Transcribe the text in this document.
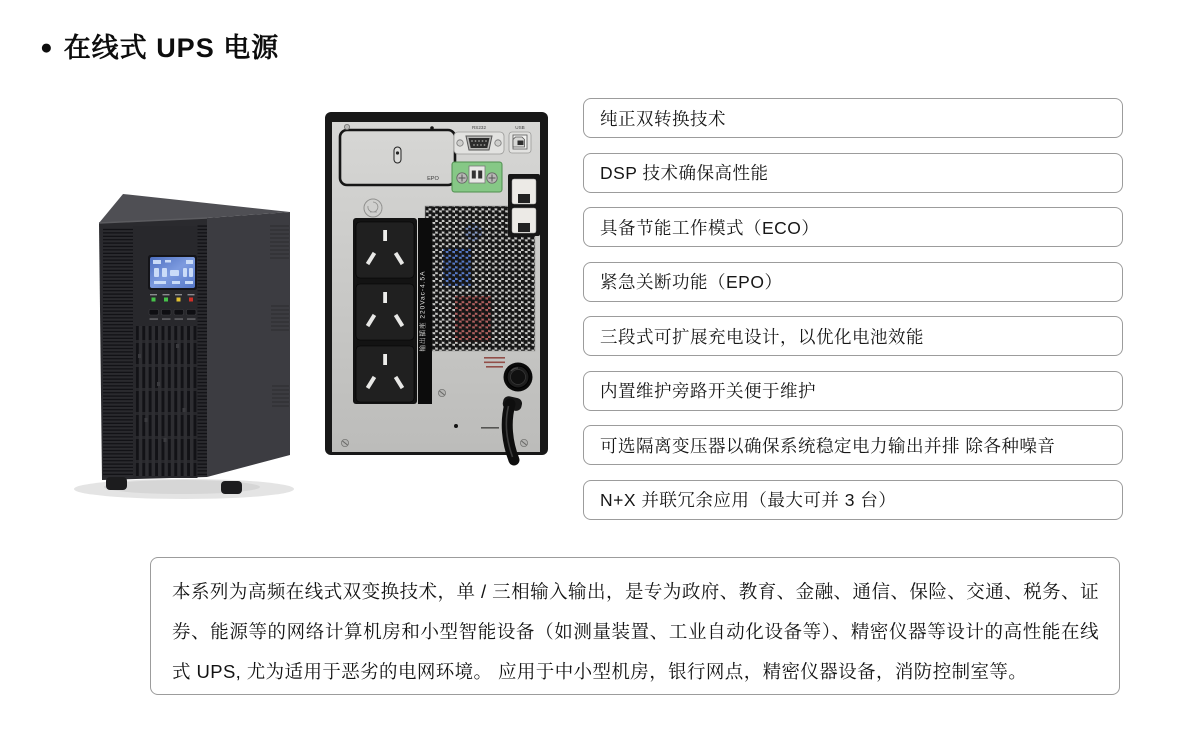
● 在线式 UPS 电源
RS232	USB
EPO
输出插座 220Vac-4.5A
纯正双转换技术
DSP 技术确保高性能
具备节能工作模式（ECO）
紧急关断功能（EPO）
三段式可扩展充电设计，以优化电池效能
内置维护旁路开关便于维护
可选隔离变压器以确保系统稳定电力输出并排 除各种噪音
N+X 并联冗余应用（最大可并 3 台）

本系列为高频在线式双变换技术，单 / 三相输入输出，是专为政府、教育、金融、通信、保险、交通、税务、证券、能源等的网络计算机房和小型智能设备（如测量装置、工业自动化设备等）、精密仪器等设计的高性能在线式 UPS, 尤为适用于恶劣的电网环境。 应用于中小型机房，银行网点，精密仪器设备，消防控制室等。
